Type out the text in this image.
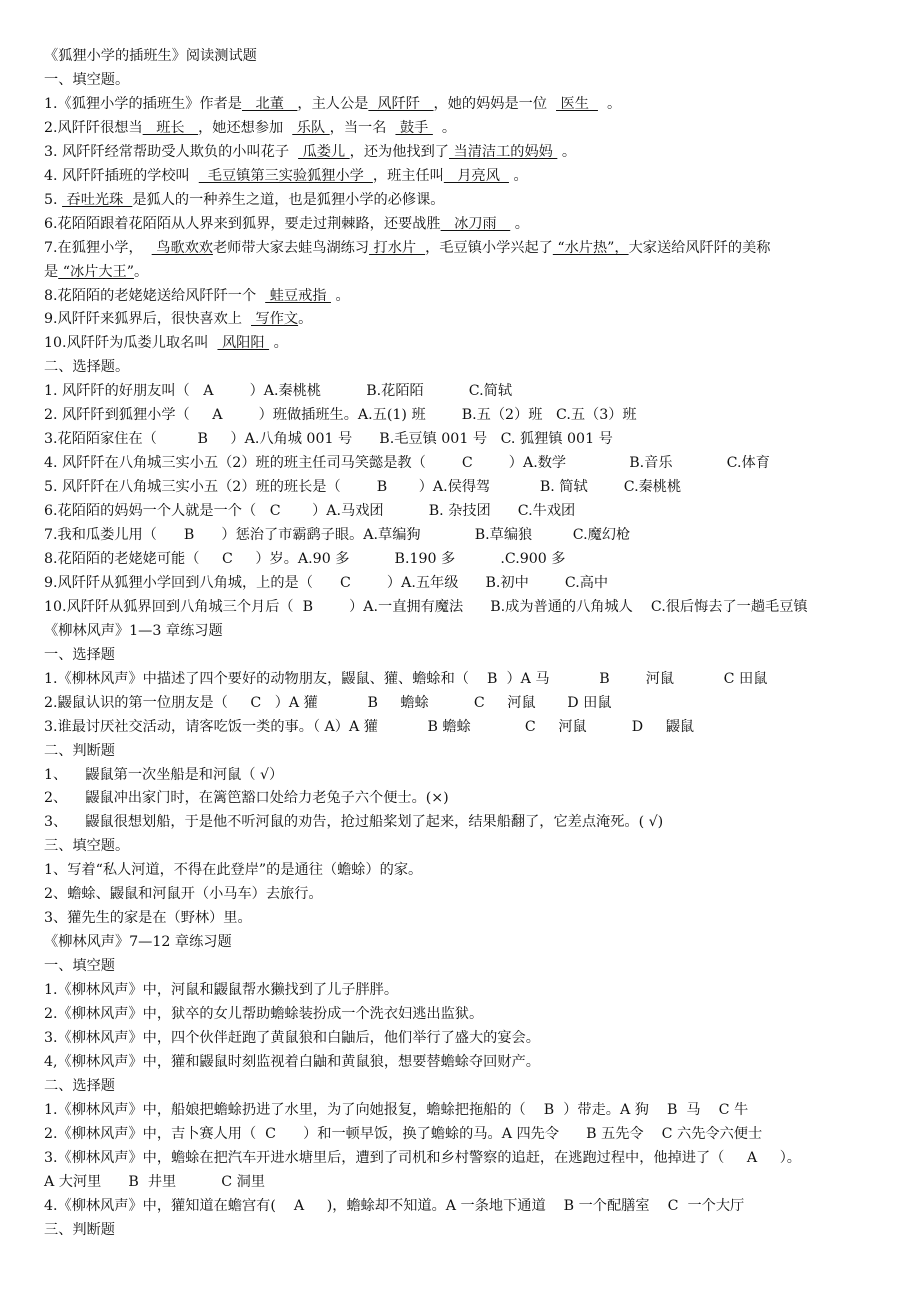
《狐狸小学的插班生》阅读测试题
一、填空题。
1.《狐狸小学的插班生》作者是   北董   ，主人公是  风阡阡   ，她的妈妈是一位   医生    。
2.风阡阡很想当   班长   ，她还想参加   乐队 ，当一名   鼓手   。
3. 风阡阡经常帮助受人欺负的小叫花子   瓜娄儿 ，还为他找到了 当清洁工的妈妈  。
4. 风阡阡插班的学校叫    毛豆镇第三实验狐狸小学  ，班主任叫   月亮风   。
5.  吞吐光珠  是狐人的一种养生之道，也是狐狸小学的必修课。
6.花陌陌跟着花陌陌从人界来到狐界，要走过荆棘路，还要战胜   冰刀雨    。
7.在狐狸小学，   鸟歌欢欢老师带大家去蛙鸟湖练习 打水片  ，毛豆镇小学兴起了 “水片热”，大家送给风阡阡的美称
是 “冰片大王”。
8.花陌陌的老姥姥送给风阡阡一个   蛙豆戒指  。
9.风阡阡来狐界后，很快喜欢上   写作文。
10.风阡阡为瓜娄儿取名叫   风阳阳  。
二、选择题。
1. 风阡阡的好朋友叫（   A        ）A.秦桃桃          B.花陌陌          C.简轼
2. 风阡阡到狐狸小学（     A        ）班做插班生。A.五(1) 班        B.五（2）班   C.五（3）班
3.花陌陌家住在（         B     ）A.八角城 001 号      B.毛豆镇 001 号   C. 狐狸镇 001 号
4. 风阡阡在八角城三实小五（2）班的班主任司马笑懿是教（        C        ）A.数学              B.音乐            C.体育
5. 风阡阡在八角城三实小五（2）班的班长是（        B       ）A.侯得驾           B. 简轼        C.秦桃桃
6.花陌陌的妈妈一个人就是一个（   C       ）A.马戏团          B. 杂技团      C.牛戏团
7.我和瓜娄儿用（      B      ）惩治了市霸鹞子眼。A.草编狗            B.草编狼         C.魔幻枪
8.花陌陌的老姥姥可能（     C     ）岁。A.90 多          B.190 多          .C.900 多
9.风阡阡从狐狸小学回到八角城，上的是（      C        ）A.五年级      B.初中        C.高中
10.风阡阡从狐界回到八角城三个月后（  B        ）A.一直拥有魔法      B.成为普通的八角城人    C.很后悔去了一趟毛豆镇
《柳林风声》1—3 章练习题
一、选择题
1.《柳林风声》中描述了四个要好的动物朋友，鼹鼠、獾、蟾蜍和（    B  ）A 马           B        河鼠           C 田鼠
2.鼹鼠认识的第一位朋友是（     C   ）A 獾           B     蟾蜍          C     河鼠       D 田鼠
3.谁最讨厌社交活动，请客吃饭一类的事。（ A）A 獾           B 蟾蜍            C     河鼠          D     鼹鼠
二、判断题
1、    鼹鼠第一次坐船是和河鼠（ √）
2、    鼹鼠冲出家门时，在篱笆豁口处给力老兔子六个便士。(×)
3、    鼹鼠很想划船，于是他不听河鼠的劝告，抢过船桨划了起来，结果船翻了，它差点淹死。( √)
三、填空题。
1、写着“私人河道，不得在此登岸”的是通往（蟾蜍）的家。
2、蟾蜍、鼹鼠和河鼠开（小马车）去旅行。
3、獾先生的家是在（野林）里。
《柳林风声》7—12 章练习题
一、填空题
1.《柳林风声》中，河鼠和鼹鼠帮水獭找到了儿子胖胖。
2.《柳林风声》中，狱卒的女儿帮助蟾蜍装扮成一个洗衣妇逃出监狱。
3.《柳林风声》中，四个伙伴赶跑了黄鼠狼和白鼬后，他们举行了盛大的宴会。
4,《柳林风声》中，獾和鼹鼠时刻监视着白鼬和黄鼠狼，想要替蟾蜍夺回财产。
二、选择题
1.《柳林风声》中，船娘把蟾蜍扔进了水里，为了向她报复，蟾蜍把拖船的（    B  ）带走。A 狗    B  马    C 牛
2.《柳林风声》中，吉卜赛人用（  C      ）和一顿早饭，换了蟾蜍的马。A 四先令      B 五先令    C 六先令六便士
3.《柳林风声》中，蟾蜍在把汽车开进水塘里后，遭到了司机和乡村警察的追赶，在逃跑过程中，他掉进了（     A     ）。
A 大河里      B  井里          C 洞里
4.《柳林风声》中，獾知道在蟾宫有(    A     )，蟾蜍却不知道。A 一条地下通道    B 一个配膳室    C  一个大厅
三、判断题
